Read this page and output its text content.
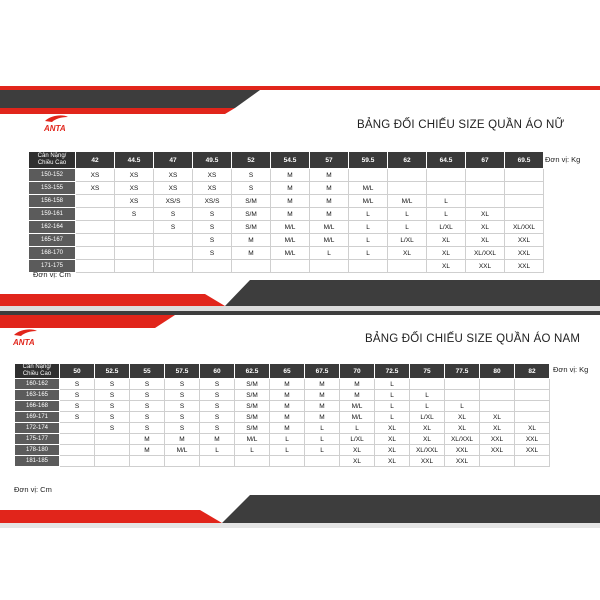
ANTA	BẢNG ĐỐI CHIẾU SIZE QUẦN ÁO NỮ
Đơn vị: Kg
Cân Nặng/ Chiều Cao	42	44.5	47	49.5	52	54.5	57	59.5	62	64.5	67	69.5
150-152	XS	XS	XS	XS	S	M	M					
153-155	XS	XS	XS	XS	S	M	M	M/L				
156-158		XS	XS/S	XS/S	S/M	M	M	M/L	M/L	L		
159-161		S	S	S	S/M	M	M	L	L	L	XL	
162-164			S	S	S/M	M/L	M/L	L	L	L/XL	XL	XL/XXL
165-167				S	M	M/L	M/L	L	L/XL	XL	XL	XXL
168-170				S	M	M/L	L	L	XL	XL	XL/XXL	XXL
171-175										XL	XXL	XXL
Đơn vị: Cm
ANTA	BẢNG ĐỐI CHIẾU SIZE QUẦN ÁO NAM
Đơn vị: Kg
Cân Nặng/ Chiều Cao	50	52.5	55	57.5	60	62.5	65	67.5	70	72.5	75	77.5	80	82
160-162	S	S	S	S	S	S/M	M	M	M	L				
163-165	S	S	S	S	S	S/M	M	M	M	L	L			
166-168	S	S	S	S	S	S/M	M	M	M/L	L	L	L		
169-171	S	S	S	S	S	S/M	M	M	M/L	L	L/XL	XL	XL	
172-174		S	S	S	S	S/M	M	L	L	XL	XL	XL	XL	XL
175-177			M	M	M	M/L	L	L	L/XL	XL	XL	XL/XXL	XXL	XXL
178-180			M	M/L	L	L	L	L	XL	XL	XL/XXL	XXL	XXL	XXL
181-185									XL	XL	XXL	XXL		
Đơn vị: Cm
